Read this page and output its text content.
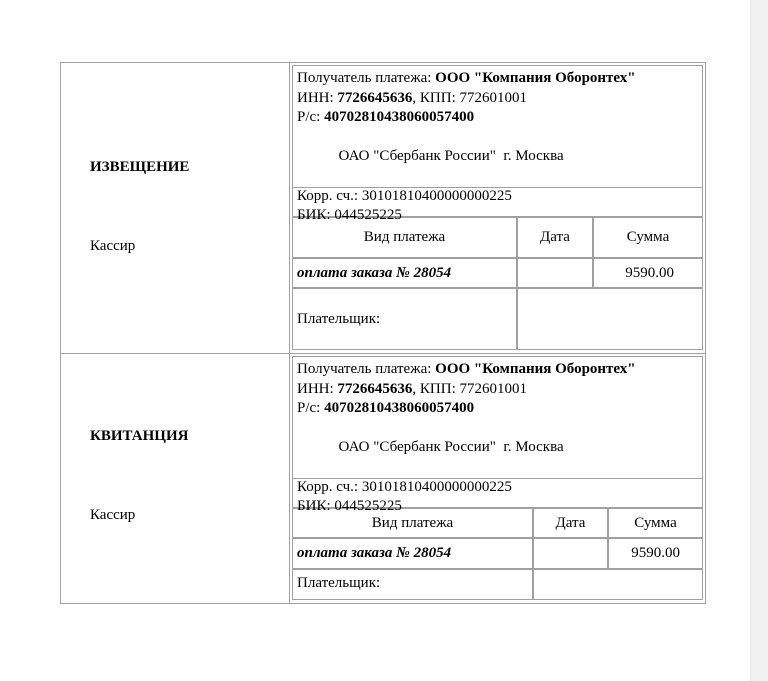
ИЗВЕЩЕНИЕ
Кассир
Получатель платежа: ООО "Компания Оборонтех"
ИНН: 7726645636, КПП: 772601001
Р/с: 40702810438060057400

ОАО "Сбербанк России"  г. Москва

Корр. сч.: 30101810400000000225
БИК: 044525225
Вид платежа	Дата	Сумма
оплата заказа № 28054		9590.00
Плательщик:		
КВИТАНЦИЯ
Кассир
Получатель платежа: ООО "Компания Оборонтех"
ИНН: 7726645636, КПП: 772601001
Р/с: 40702810438060057400

ОАО "Сбербанк России"  г. Москва

Корр. сч.: 30101810400000000225
БИК: 044525225
Вид платежа	Дата	Сумма
оплата заказа № 28054		9590.00
Плательщик:		
